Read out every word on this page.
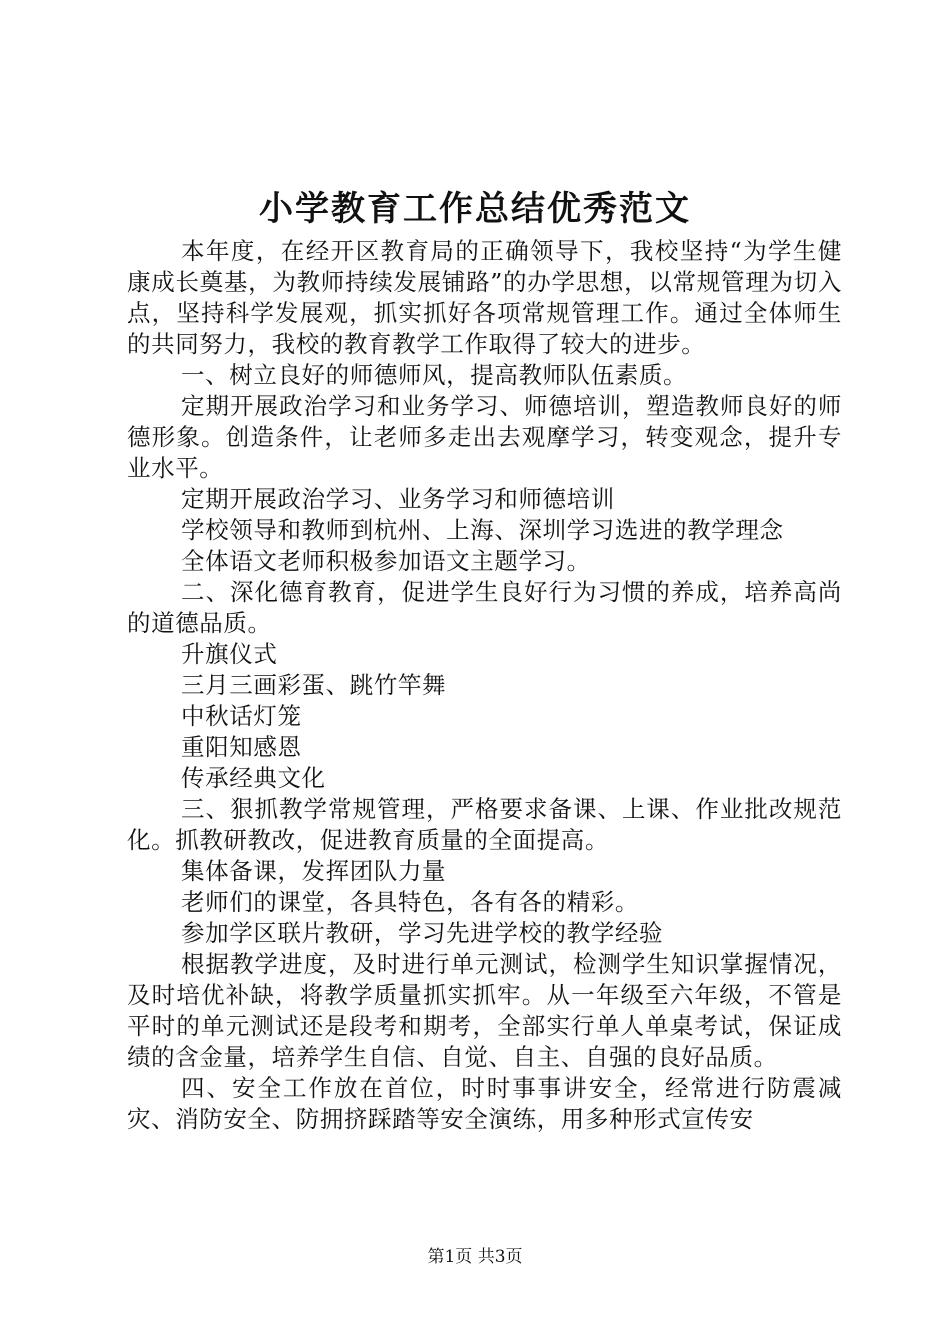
小学教育工作总结优秀范文

本年度，在经开区教育局的正确领导下，我校坚持“为学生健康成长奠基，为教师持续发展铺路”的办学思想，以常规管理为切入点，坚持科学发展观，抓实抓好各项常规管理工作。通过全体师生的共同努力，我校的教育教学工作取得了较大的进步。

一、树立良好的师德师风，提高教师队伍素质。

定期开展政治学习和业务学习、师德培训，塑造教师良好的师德形象。创造条件，让老师多走出去观摩学习，转变观念，提升专业水平。

定期开展政治学习、业务学习和师德培训

学校领导和教师到杭州、上海、深圳学习选进的教学理念

全体语文老师积极参加语文主题学习。

二、深化德育教育，促进学生良好行为习惯的养成，培养高尚的道德品质。

升旗仪式

三月三画彩蛋、跳竹竿舞

中秋话灯笼

重阳知感恩

传承经典文化

三、狠抓教学常规管理，严格要求备课、上课、作业批改规范化。抓教研教改，促进教育质量的全面提高。

集体备课，发挥团队力量

老师们的课堂，各具特色，各有各的精彩。

参加学区联片教研，学习先进学校的教学经验

根据教学进度，及时进行单元测试，检测学生知识掌握情况，及时培优补缺，将教学质量抓实抓牢。从一年级至六年级，不管是平时的单元测试还是段考和期考，全部实行单人单桌考试，保证成绩的含金量，培养学生自信、自觉、自主、自强的良好品质。

四、安全工作放在首位，时时事事讲安全，经常进行防震减灾、消防安全、防拥挤踩踏等安全演练，用多种形式宣传安

第1页 共3页
